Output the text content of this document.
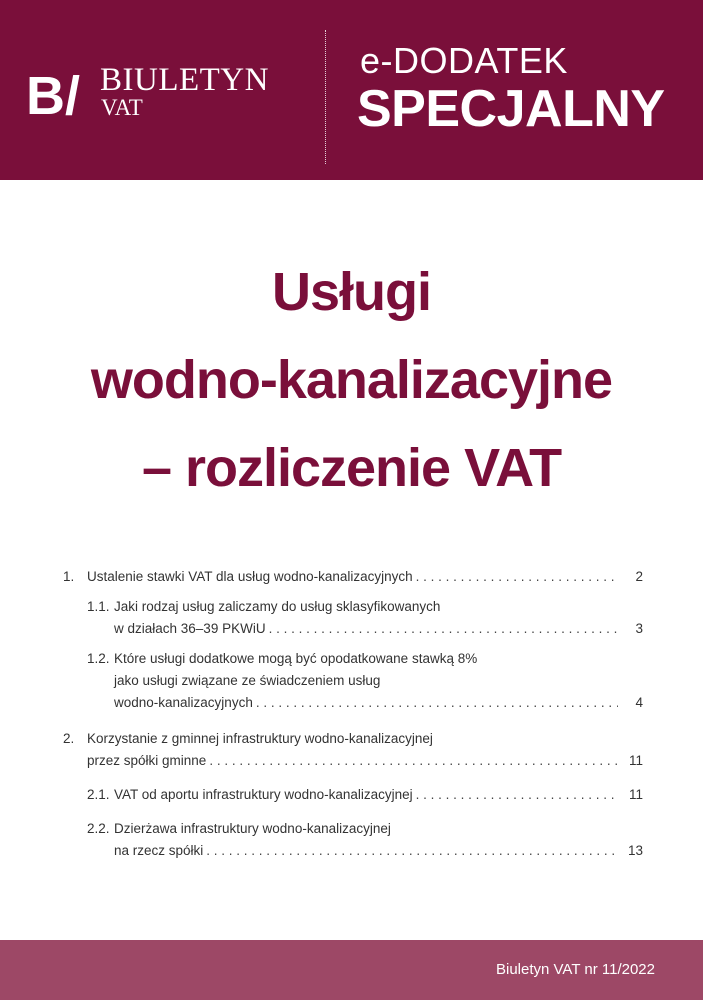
B/ BIULETYN
VAT
e-DODATEK
SPECJALNY
Usługi
wodno-kanalizacyjne
– rozliczenie VAT
1. Ustalenie stawki VAT dla usług wodno-kanalizacyjnych . . .	2
1.1. Jaki rodzaj usług zaliczamy do usług sklasyfikowanych
w działach 36–39 PKWiU . . .	3
1.2. Które usługi dodatkowe mogą być opodatkowane stawką 8%
jako usługi związane ze świadczeniem usług
wodno-kanalizacyjnych . . .	4
2. Korzystanie z gminnej infrastruktury wodno-kanalizacyjnej
przez spółki gminne . . .	11
2.1. VAT od aportu infrastruktury wodno-kanalizacyjnej . . .	11
2.2. Dzierżawa infrastruktury wodno-kanalizacyjnej
na rzecz spółki . . .	13
Biuletyn VAT nr 11/2022
